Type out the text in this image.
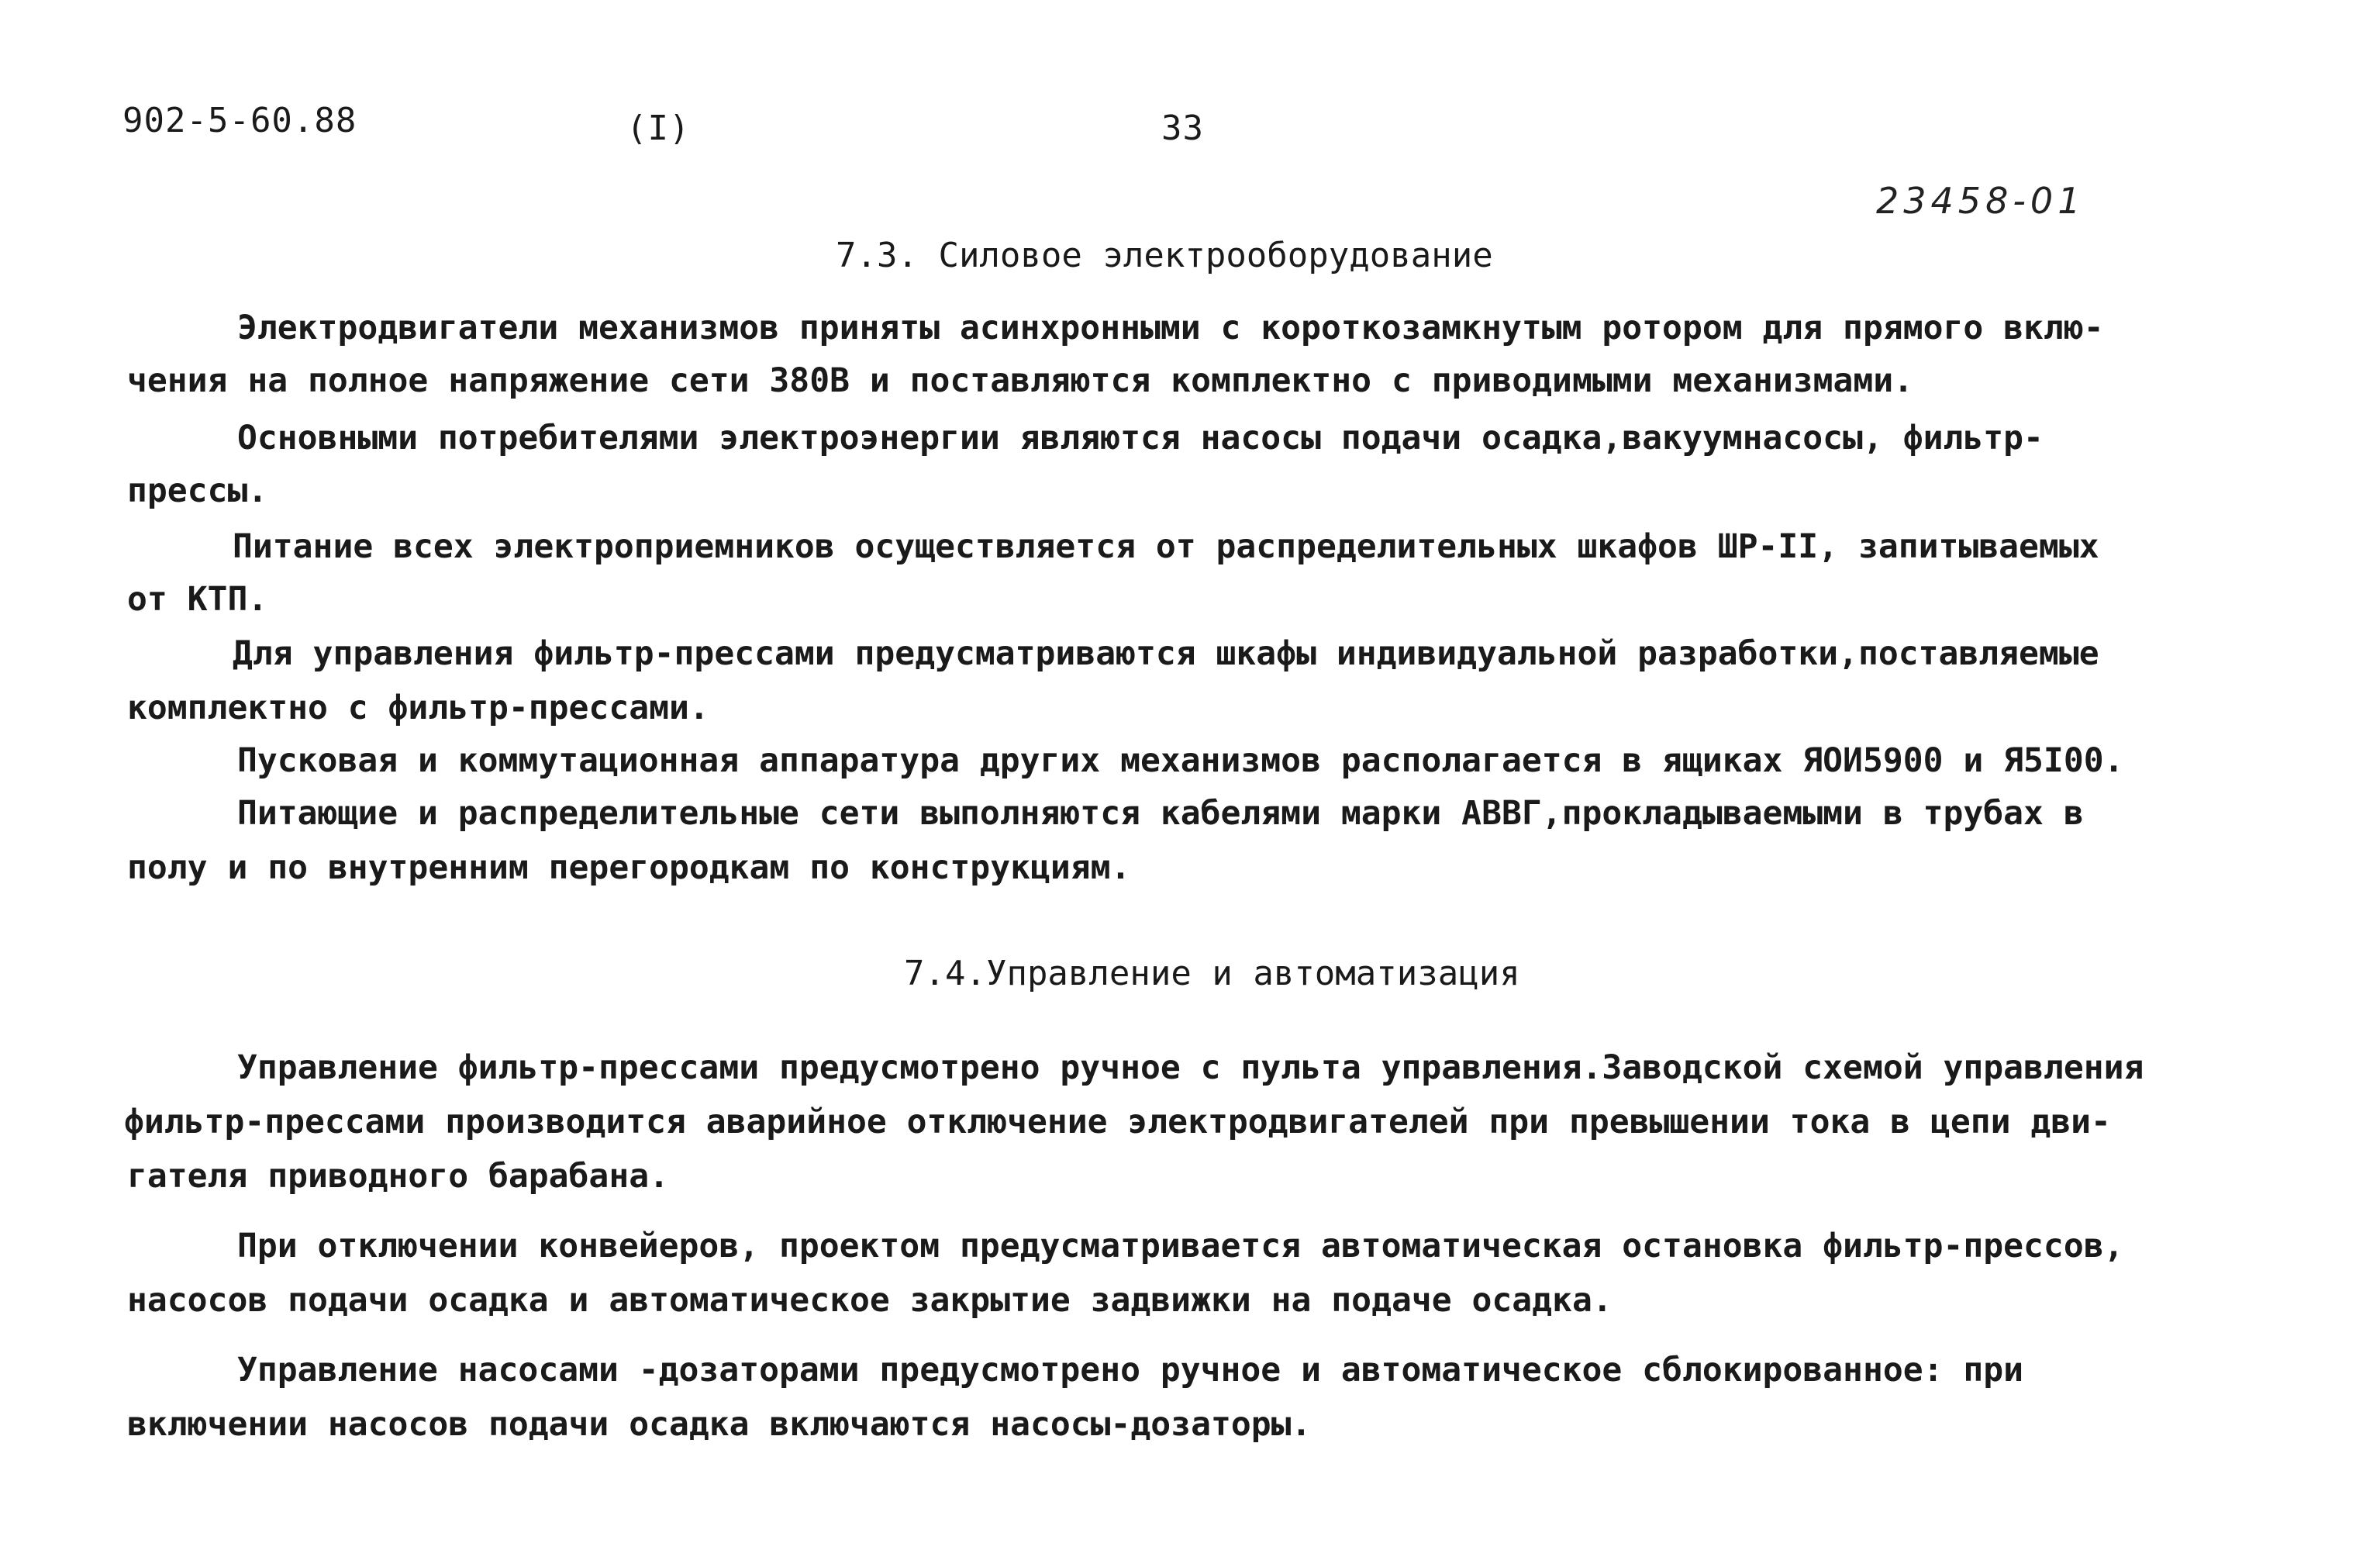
902-5-60.88	(I)	33
23458-01
7.3. Силовое электрооборудование
Электродвигатели механизмов приняты асинхронными с короткозамкнутым ротором для прямого вклю-
чения на полное напряжение сети 380В и поставляются комплектно с приводимыми механизмами.
Основными потребителями электроэнергии являются насосы подачи осадка,вакуумнасосы, фильтр-
прессы.
Питание всех электроприемников осуществляется от распределительных шкафов ШР-II, запитываемых
от КТП.
Для управления фильтр-прессами предусматриваются шкафы индивидуальной разработки,поставляемые
комплектно с фильтр-прессами.
Пусковая и коммутационная аппаратура других механизмов располагается в ящиках ЯОИ5900 и Я5I00.
Питающие и распределительные сети выполняются кабелями марки АВВГ,прокладываемыми в трубах в
полу и по внутренним перегородкам по конструкциям.
7.4.Управление и автоматизация
Управление фильтр-прессами предусмотрено ручное с пульта управления.Заводской схемой управления
фильтр-прессами производится аварийное отключение электродвигателей при превышении тока в цепи дви-
гателя приводного барабана.
При отключении конвейеров, проектом предусматривается автоматическая остановка фильтр-прессов,
насосов подачи осадка и автоматическое закрытие задвижки на подаче осадка.
Управление насосами -дозаторами предусмотрено ручное и автоматическое сблокированное: при
включении насосов подачи осадка включаются насосы-дозаторы.
